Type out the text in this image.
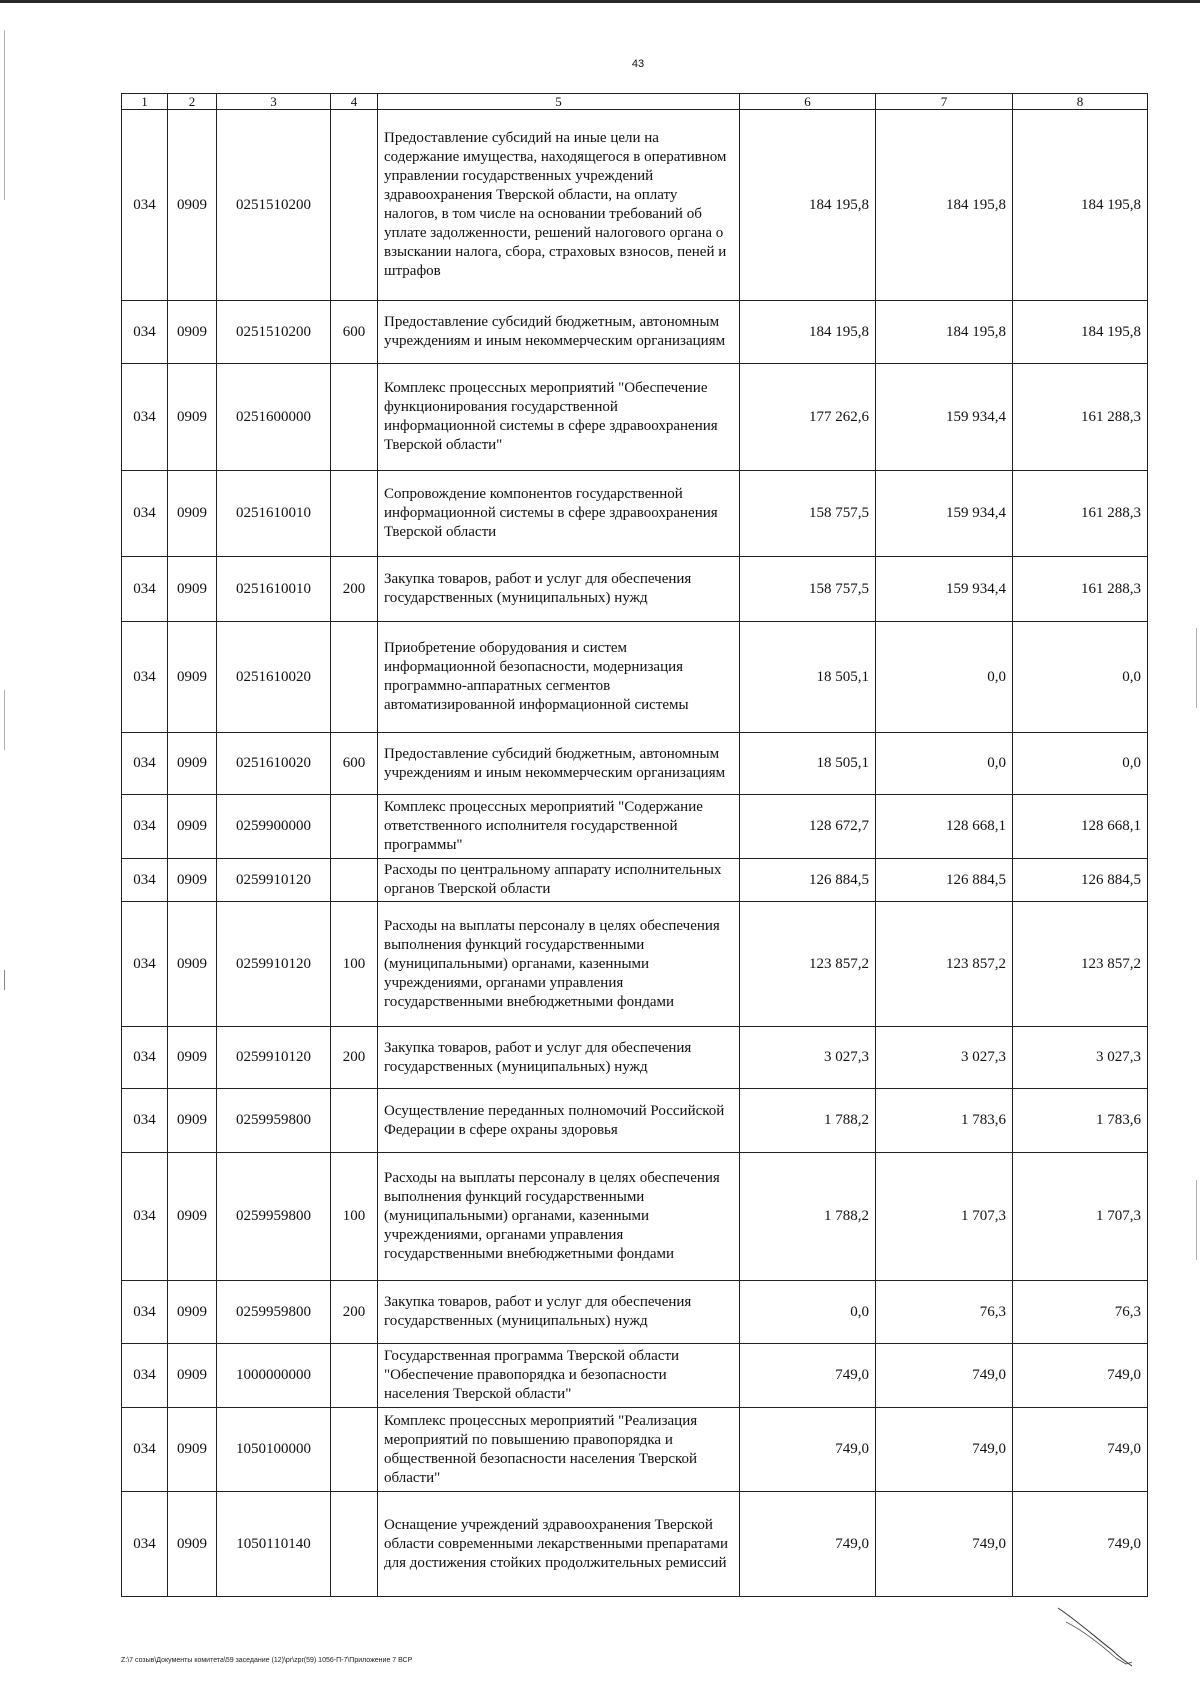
43
1	2	3	4	5	6	7	8
034	0909	0251510200		Предоставление субсидий на иные цели на содержание имущества, находящегося в оперативном управлении государственных учреждений здравоохранения Тверской области, на оплату налогов, в том числе на основании требований об уплате задолженности, решений налогового органа о взыскании налога, сбора, страховых взносов, пеней и штрафов	184 195,8	184 195,8	184 195,8
034	0909	0251510200	600	Предоставление субсидий бюджетным, автономным учреждениям и иным некоммерческим организациям	184 195,8	184 195,8	184 195,8
034	0909	0251600000		Комплекс процессных мероприятий "Обеспечение функционирования государственной информационной системы в сфере здравоохранения Тверской области"	177 262,6	159 934,4	161 288,3
034	0909	0251610010		Сопровождение компонентов государственной информационной системы в сфере здравоохранения Тверской области	158 757,5	159 934,4	161 288,3
034	0909	0251610010	200	Закупка товаров, работ и услуг для обеспечения государственных (муниципальных) нужд	158 757,5	159 934,4	161 288,3
034	0909	0251610020		Приобретение оборудования и систем информационной безопасности, модернизация программно-аппаратных сегментов автоматизированной информационной системы	18 505,1	0,0	0,0
034	0909	0251610020	600	Предоставление субсидий бюджетным, автономным учреждениям и иным некоммерческим организациям	18 505,1	0,0	0,0
034	0909	0259900000		Комплекс процессных мероприятий "Содержание ответственного исполнителя государственной программы"	128 672,7	128 668,1	128 668,1
034	0909	0259910120		Расходы по центральному аппарату исполнительных органов Тверской области	126 884,5	126 884,5	126 884,5
034	0909	0259910120	100	Расходы на выплаты персоналу в целях обеспечения выполнения функций государственными (муниципальными) органами, казенными учреждениями, органами управления государственными внебюджетными фондами	123 857,2	123 857,2	123 857,2
034	0909	0259910120	200	Закупка товаров, работ и услуг для обеспечения государственных (муниципальных) нужд	3 027,3	3 027,3	3 027,3
034	0909	0259959800		Осуществление переданных полномочий Российской Федерации в сфере охраны здоровья	1 788,2	1 783,6	1 783,6
034	0909	0259959800	100	Расходы на выплаты персоналу в целях обеспечения выполнения функций государственными (муниципальными) органами, казенными учреждениями, органами управления государственными внебюджетными фондами	1 788,2	1 707,3	1 707,3
034	0909	0259959800	200	Закупка товаров, работ и услуг для обеспечения государственных (муниципальных) нужд	0,0	76,3	76,3
034	0909	1000000000		Государственная программа Тверской области "Обеспечение правопорядка и безопасности населения Тверской области"	749,0	749,0	749,0
034	0909	1050100000		Комплекс процессных мероприятий "Реализация мероприятий по повышению правопорядка и общественной безопасности населения Тверской области"	749,0	749,0	749,0
034	0909	1050110140		Оснащение учреждений здравоохранения Тверской области современными лекарственными препаратами для достижения стойких продолжительных ремиссий	749,0	749,0	749,0
Z:\7 созыв\Документы комитета\59 заседание (12)\pr\zpr(59) 1056-П-7\Приложение 7 ВСР
